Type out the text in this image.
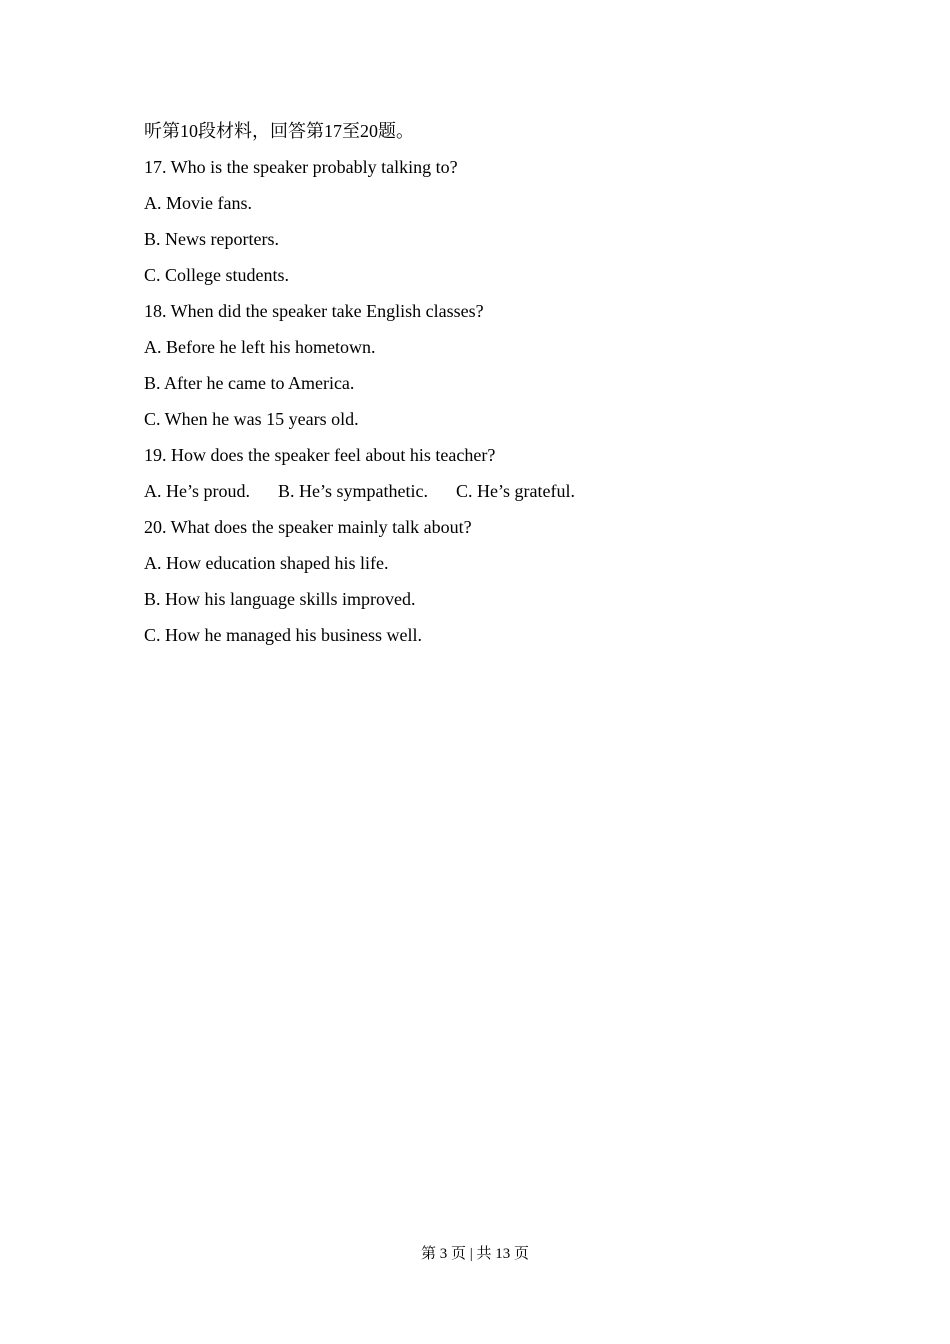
听第10段材料，回答第17至20题。
17. Who is the speaker probably talking to?
A. Movie fans.
B. News reporters.
C. College students.
18. When did the speaker take English classes?
A. Before he left his hometown.
B. After he came to America.
C. When he was 15 years old.
19. How does the speaker feel about his teacher?
A. He’s proud. B. He’s sympathetic. C. He’s grateful.
20. What does the speaker mainly talk about?
A. How education shaped his life.
B. How his language skills improved.
C. How he managed his business well.
第 3 页 | 共 13 页
